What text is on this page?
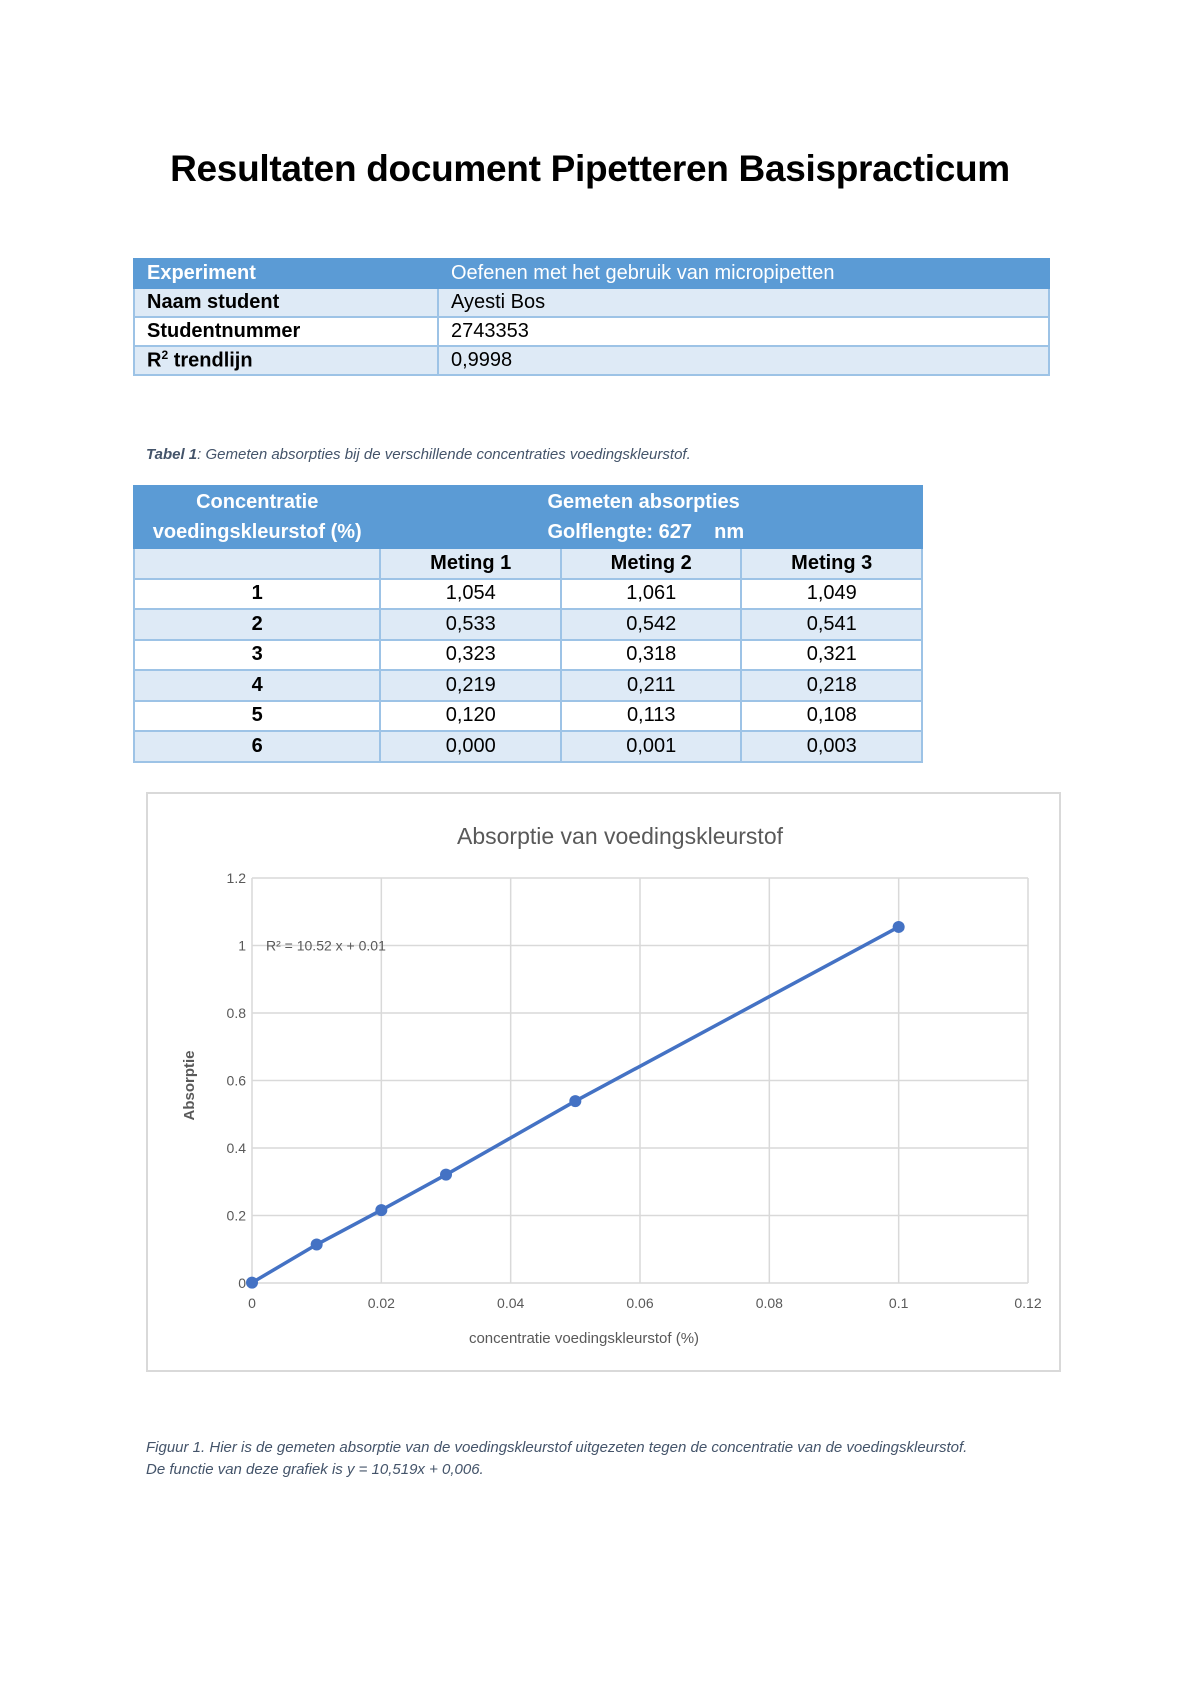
Resultaten document Pipetteren Basispracticum
Experiment	Oefenen met het gebruik van micropipetten
Naam student	Ayesti Bos
Studentnummer	2743353
$R^2$ trendlijn	0,9998
Tabel 1: Gemeten absorpties bij de verschillende concentraties voedingskleurstof.
Concentratie
voedingskleurstof (%)	Gemeten absorpties
Golflengte: 627    nm		
	Meting 1	Meting 2	Meting 3
1	1,054	1,061	1,049
2	0,533	0,542	0,541
3	0,323	0,318	0,321
4	0,219	0,211	0,218
5	0,120	0,113	0,108
6	0,000	0,001	0,003
Absorptie van voedingskleurstof
0	0.02	0.04	0.06	0.08	0.1	0.12
0
0.2
0.4
0.6
0.8
1
1.2
concentratie voedingskleurstof (%)
Absorptie
R² = 10.52 x + 0.01
Figuur 1. Hier is de gemeten absorptie van de voedingskleurstof uitgezeten tegen de concentratie van de voedingskleurstof.
De functie van deze grafiek is y = 10,519x + 0,006.
